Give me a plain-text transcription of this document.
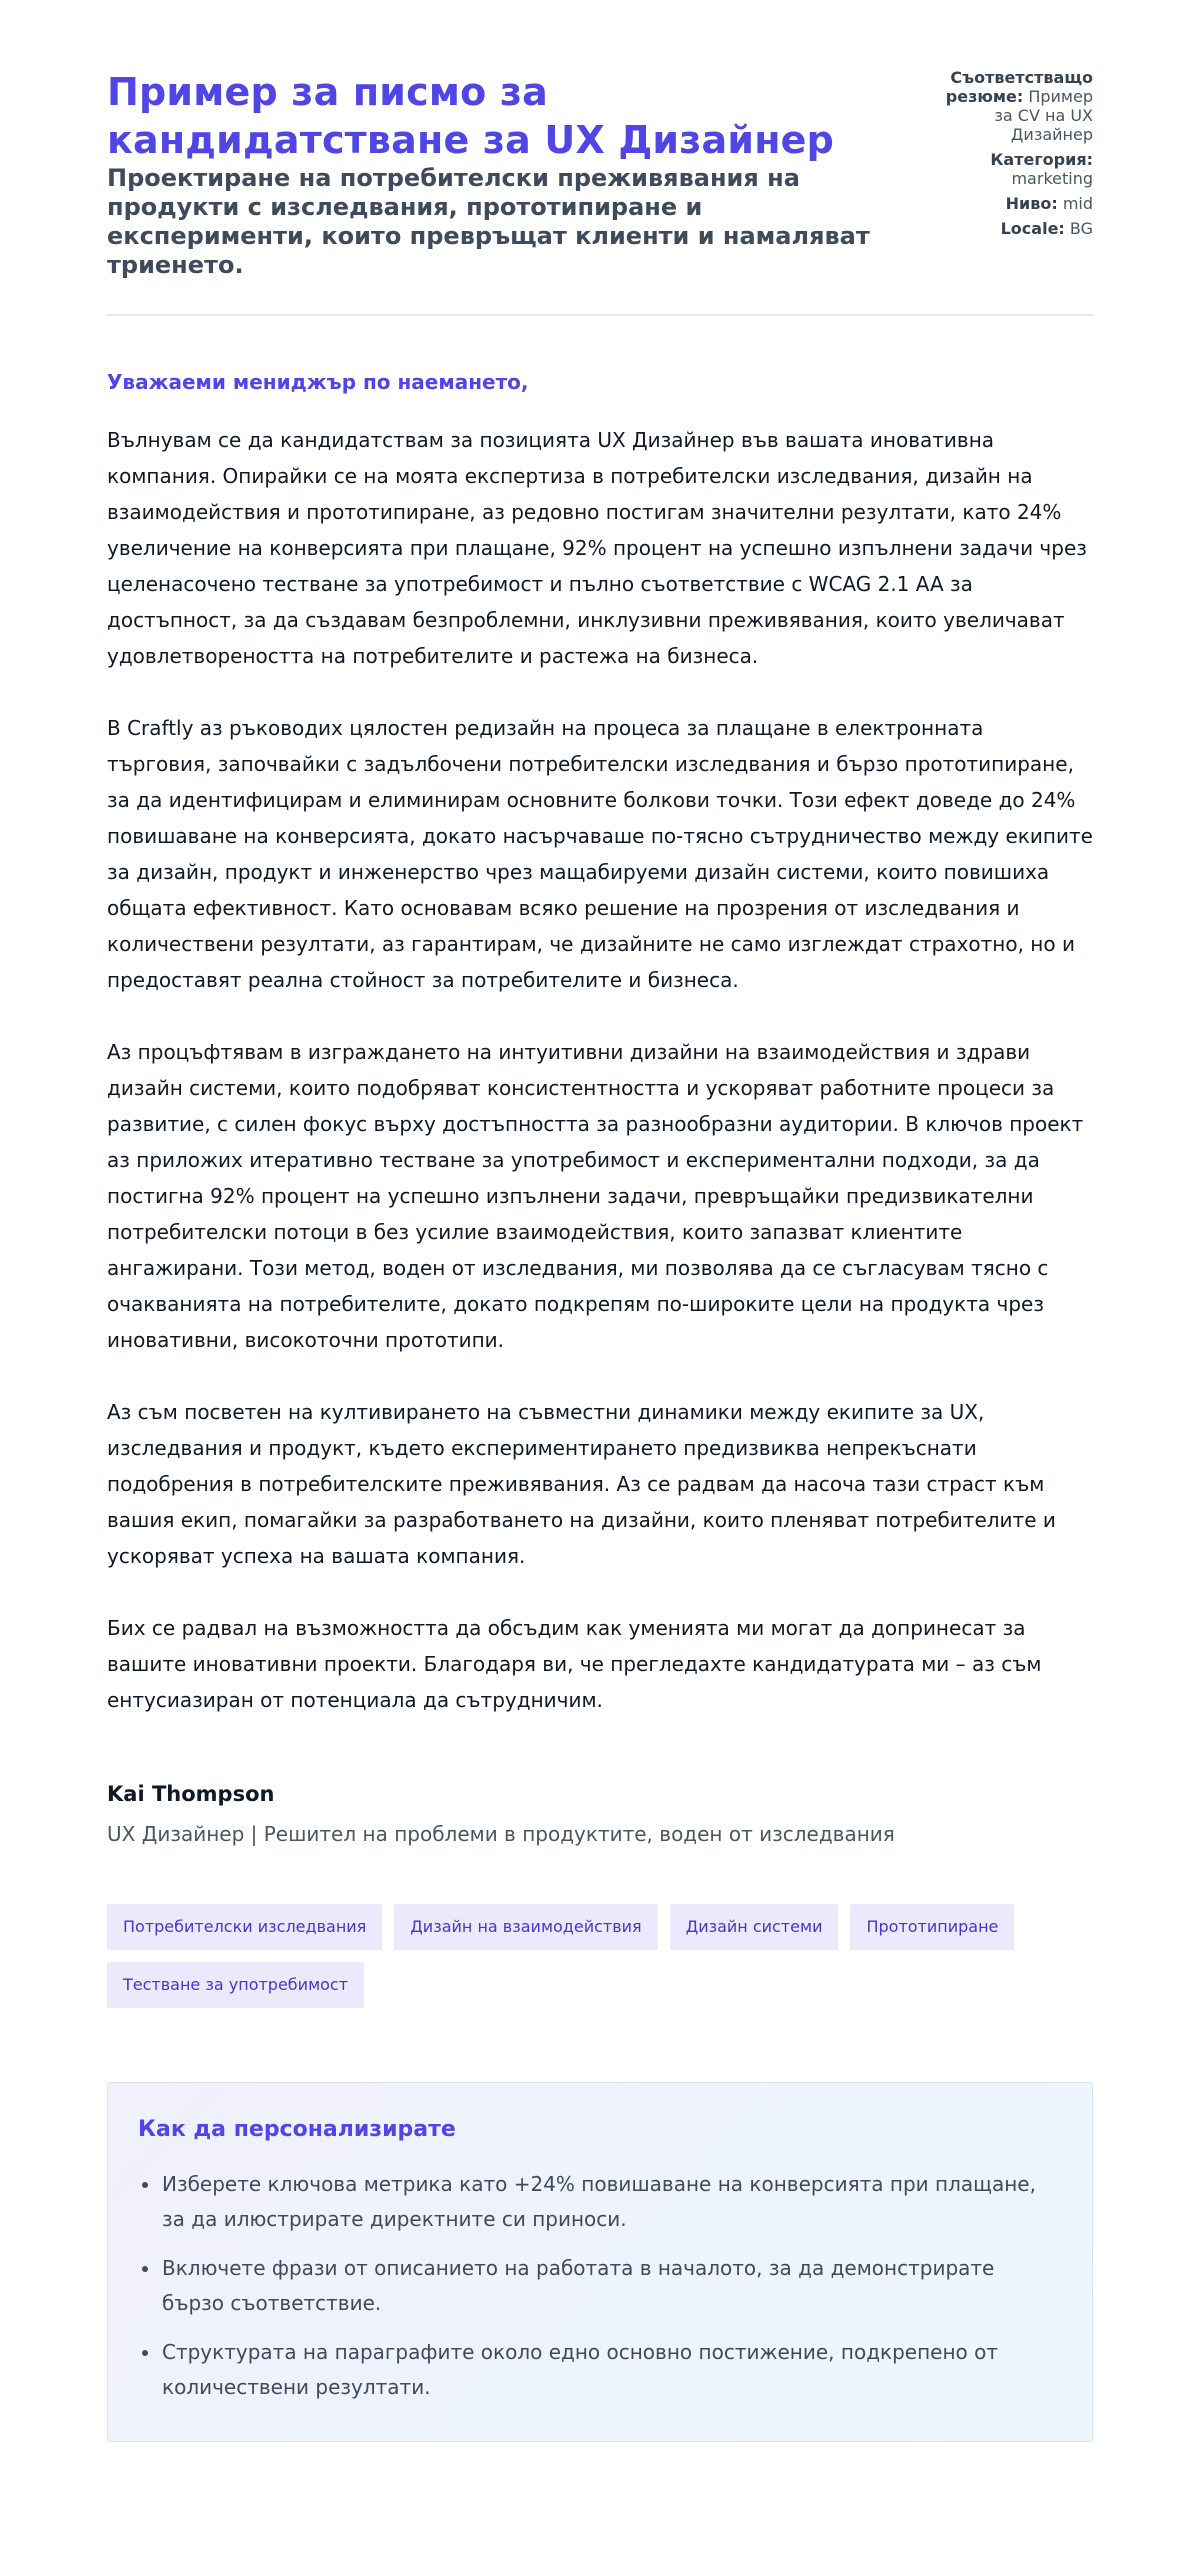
Пример за писмо за кандидатстване за UX Дизайнер
Проектиране на потребителски преживявания на продукти с изследвания, прототипиране и експерименти, които превръщат клиенти и намаляват триенето.
Съответстващо резюме: Пример за CV на UX Дизайнер
Категория: marketing
Ниво: mid
Locale: BG

Уважаеми мениджър по наемането,

Вълнувам се да кандидатствам за позицията UX Дизайнер във вашата иновативна компания. Опирайки се на моята експертиза в потребителски изследвания, дизайн на взаимодействия и прототипиране, аз редовно постигам значителни резултати, като 24% увеличение на конверсията при плащане, 92% процент на успешно изпълнени задачи чрез целенасочено тестване за употребимост и пълно съответствие с WCAG 2.1 AA за достъпност, за да създавам безпроблемни, инклузивни преживявания, които увеличават удовлетвореността на потребителите и растежа на бизнеса.

В Craftly аз ръководих цялостен редизайн на процеса за плащане в електронната търговия, започвайки с задълбочени потребителски изследвания и бързо прототипиране, за да идентифицирам и елиминирам основните болкови точки. Този ефект доведе до 24% повишаване на конверсията, докато насърчаваше по-тясно сътрудничество между екипите за дизайн, продукт и инженерство чрез мащабируеми дизайн системи, които повишиха общата ефективност. Като основавам всяко решение на прозрения от изследвания и количествени резултати, аз гарантирам, че дизайните не само изглеждат страхотно, но и предоставят реална стойност за потребителите и бизнеса.

Аз процъфтявам в изграждането на интуитивни дизайни на взаимодействия и здрави дизайн системи, които подобряват консистентността и ускоряват работните процеси за развитие, с силен фокус върху достъпността за разнообразни аудитории. В ключов проект аз приложих итеративно тестване за употребимост и експериментални подходи, за да постигна 92% процент на успешно изпълнени задачи, превръщайки предизвикателни потребителски потоци в без усилие взаимодействия, които запазват клиентите ангажирани. Този метод, воден от изследвания, ми позволява да се съгласувам тясно с очакванията на потребителите, докато подкрепям по-широките цели на продукта чрез иновативни, високоточни прототипи.

Аз съм посветен на култивирането на съвместни динамики между екипите за UX, изследвания и продукт, където експериментирането предизвиква непрекъснати подобрения в потребителските преживявания. Аз се радвам да насоча тази страст към вашия екип, помагайки за разработването на дизайни, които пленяват потребителите и ускоряват успеха на вашата компания.

Бих се радвал на възможността да обсъдим как уменията ми могат да допринесат за вашите иновативни проекти. Благодаря ви, че прегледахте кандидатурата ми – аз съм ентусиазиран от потенциала да сътрудничим.

Kai Thompson
UX Дизайнер | Решител на проблеми в продуктите, воден от изследвания
Потребителски изследвания	Дизайн на взаимодействия	Дизайн системи	Прототипиране
Тестване за употребимост
Как да персонализирате
Изберете ключова метрика като +24% повишаване на конверсията при плащане, за да илюстрирате директните си приноси.
Включете фрази от описанието на работата в началото, за да демонстрирате бързо съответствие.
Структурата на параграфите около едно основно постижение, подкрепено от количествени резултати.
